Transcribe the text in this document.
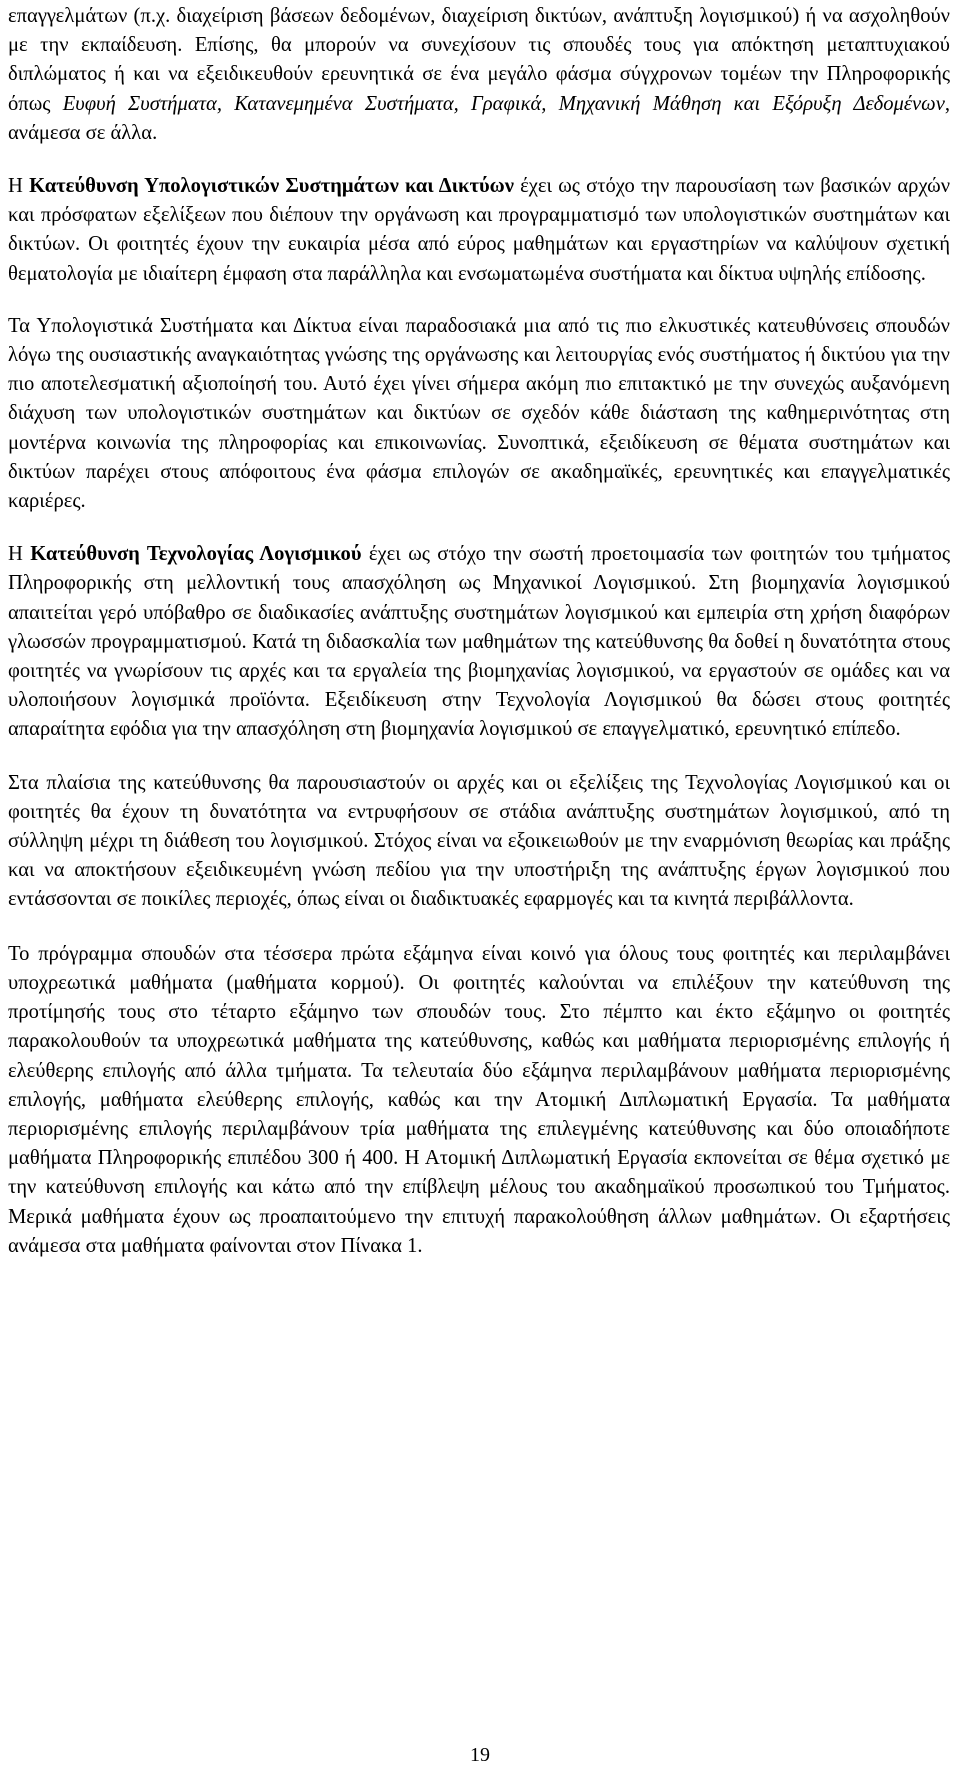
επαγγελμάτων (π.χ. διαχείριση βάσεων δεδομένων, διαχείριση δικτύων, ανάπτυξη λογισμικού) ή να ασχοληθούν με την εκπαίδευση. Επίσης, θα μπορούν να συνεχίσουν τις σπουδές τους για απόκτηση μεταπτυχιακού διπλώματος ή και να εξειδικευθούν ερευνητικά σε ένα μεγάλο φάσμα σύγχρονων τομέων την Πληροφορικής όπως Ευφυή Συστήματα, Κατανεμημένα Συστήματα, Γραφικά, Μηχανική Μάθηση και Εξόρυξη Δεδομένων, ανάμεσα σε άλλα.

Η Κατεύθυνση Υπολογιστικών Συστημάτων και Δικτύων έχει ως στόχο την παρουσίαση των βασικών αρχών και πρόσφατων εξελίξεων που διέπουν την οργάνωση και προγραμματισμό των υπολογιστικών συστημάτων και δικτύων. Οι φοιτητές έχουν την ευκαιρία μέσα από εύρος μαθημάτων και εργαστηρίων να καλύψουν σχετική θεματολογία με ιδιαίτερη έμφαση στα παράλληλα και ενσωματωμένα συστήματα και δίκτυα υψηλής επίδοσης.

Τα Υπολογιστικά Συστήματα και Δίκτυα είναι παραδοσιακά μια από τις πιο ελκυστικές κατευθύνσεις σπουδών λόγω της ουσιαστικής αναγκαιότητας γνώσης της οργάνωσης και λειτουργίας ενός συστήματος ή δικτύου για την πιο αποτελεσματική αξιοποίησή του. Αυτό έχει γίνει σήμερα ακόμη πιο επιτακτικό με την συνεχώς αυξανόμενη διάχυση των υπολογιστικών συστημάτων και δικτύων σε σχεδόν κάθε διάσταση της καθημερινότητας στη μοντέρνα κοινωνία της πληροφορίας και επικοινωνίας. Συνοπτικά, εξειδίκευση σε θέματα συστημάτων και δικτύων παρέχει στους απόφοιτους ένα φάσμα επιλογών σε ακαδημαϊκές, ερευνητικές και επαγγελματικές καριέρες.

Η Κατεύθυνση Τεχνολογίας Λογισμικού έχει ως στόχο την σωστή προετοιμασία των φοιτητών του τμήματος Πληροφορικής στη μελλοντική τους απασχόληση ως Μηχανικοί Λογισμικού. Στη βιομηχανία λογισμικού απαιτείται γερό υπόβαθρο σε διαδικασίες ανάπτυξης συστημάτων λογισμικού και εμπειρία στη χρήση διαφόρων γλωσσών προγραμματισμού. Κατά τη διδασκαλία των μαθημάτων της κατεύθυνσης θα δοθεί η δυνατότητα στους φοιτητές να γνωρίσουν τις αρχές και τα εργαλεία της βιομηχανίας λογισμικού, να εργαστούν σε ομάδες και να υλοποιήσουν λογισμικά προϊόντα. Εξειδίκευση στην Τεχνολογία Λογισμικού θα δώσει στους φοιτητές απαραίτητα εφόδια για την απασχόληση στη βιομηχανία λογισμικού σε επαγγελματικό, ερευνητικό επίπεδο.

Στα πλαίσια της κατεύθυνσης θα παρουσιαστούν οι αρχές και οι εξελίξεις της Τεχνολογίας Λογισμικού και οι φοιτητές θα έχουν τη δυνατότητα να εντρυφήσουν σε στάδια ανάπτυξης συστημάτων λογισμικού, από τη σύλληψη μέχρι τη διάθεση του λογισμικού. Στόχος είναι να εξοικειωθούν με την εναρμόνιση θεωρίας και πράξης και να αποκτήσουν εξειδικευμένη γνώση πεδίου για την υποστήριξη της ανάπτυξης έργων λογισμικού που εντάσσονται σε ποικίλες περιοχές, όπως είναι οι διαδικτυακές εφαρμογές και τα κινητά περιβάλλοντα.

Το πρόγραμμα σπουδών στα τέσσερα πρώτα εξάμηνα είναι κοινό για όλους τους φοιτητές και περιλαμβάνει υποχρεωτικά μαθήματα (μαθήματα κορμού). Οι φοιτητές καλούνται να επιλέξουν την κατεύθυνση της προτίμησής τους στο τέταρτο εξάμηνο των σπουδών τους. Στο πέμπτο και έκτο εξάμηνο οι φοιτητές παρακολουθούν τα υποχρεωτικά μαθήματα της κατεύθυνσης, καθώς και μαθήματα περιορισμένης επιλογής ή ελεύθερης επιλογής από άλλα τμήματα. Τα τελευταία δύο εξάμηνα περιλαμβάνουν μαθήματα περιορισμένης επιλογής, μαθήματα ελεύθερης επιλογής, καθώς και την Ατομική Διπλωματική Εργασία. Τα μαθήματα περιορισμένης επιλογής περιλαμβάνουν τρία μαθήματα της επιλεγμένης κατεύθυνσης και δύο οποιαδήποτε μαθήματα Πληροφορικής επιπέδου 300 ή 400. Η Ατομική Διπλωματική Εργασία εκπονείται σε θέμα σχετικό με την κατεύθυνση επιλογής και κάτω από την επίβλεψη μέλους του ακαδημαϊκού προσωπικού του Τμήματος. Μερικά μαθήματα έχουν ως προαπαιτούμενο την επιτυχή παρακολούθηση άλλων μαθημάτων. Οι εξαρτήσεις ανάμεσα στα μαθήματα φαίνονται στον Πίνακα 1.

19
